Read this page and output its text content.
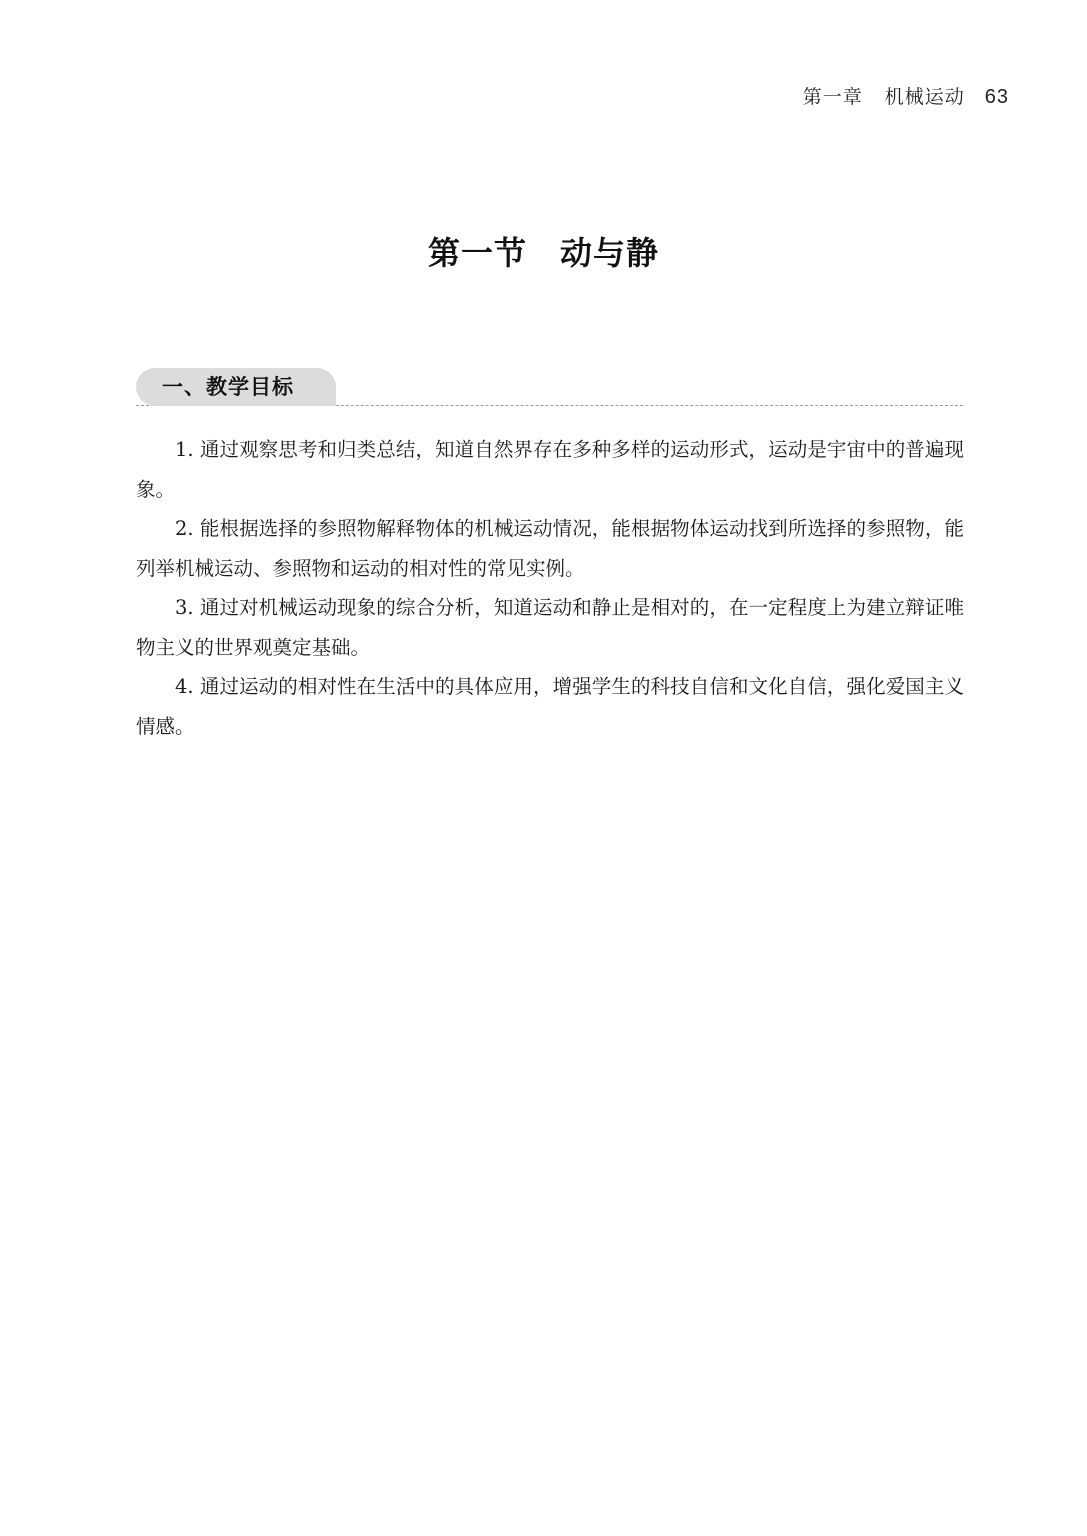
第一章 机械运动 63
第一节　动与静
一、教学目标

1. 通过观察思考和归类总结，知道自然界存在多种多样的运动形式，运动是宇宙中的普遍现象。

2. 能根据选择的参照物解释物体的机械运动情况，能根据物体运动找到所选择的参照物，能列举机械运动、参照物和运动的相对性的常见实例。

3. 通过对机械运动现象的综合分析，知道运动和静止是相对的，在一定程度上为建立辩证唯物主义的世界观奠定基础。

4. 通过运动的相对性在生活中的具体应用，增强学生的科技自信和文化自信，强化爱国主义情感。
